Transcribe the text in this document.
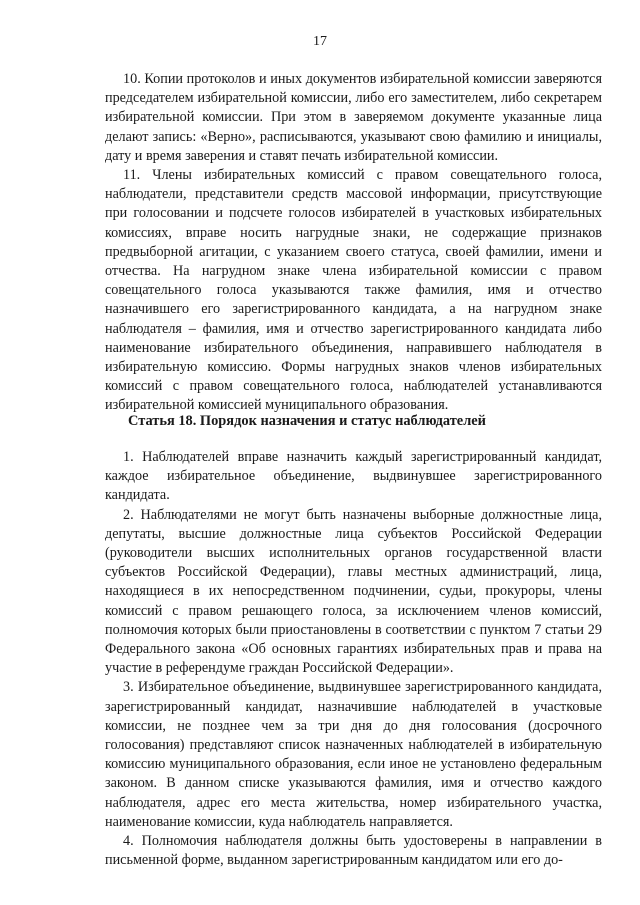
17

10. Копии протоколов и иных документов избирательной комиссии заверяются председателем избирательной комиссии, либо его заместителем, либо секретарем избирательной комиссии. При этом в заверяемом документе указанные лица делают запись: «Верно», расписываются, указывают свою фамилию и инициалы, дату и время заверения и ставят печать избирательной комиссии.

11. Члены избирательных комиссий с правом совещательного голоса, наблюдатели, представители средств массовой информации, присутствующие при голосовании и подсчете голосов избирателей в участковых избирательных комиссиях, вправе носить нагрудные знаки, не содержащие признаков предвыборной агитации, с указанием своего статуса, своей фамилии, имени и отчества. На нагрудном знаке члена избирательной комиссии с правом совещательного голоса указываются также фамилия, имя и отчество назначившего его зарегистрированного кандидата, а на нагрудном знаке наблюдателя – фамилия, имя и отчество зарегистрированного кандидата либо наименование избирательного объединения, направившего наблюдателя в избирательную комиссию. Формы нагрудных знаков членов избирательных комиссий с правом совещательного голоса, наблюдателей устанавливаются избирательной комиссией муниципального образования.

Статья 18. Порядок назначения и статус наблюдателей

1. Наблюдателей вправе назначить каждый зарегистрированный кандидат, каждое избирательное объединение, выдвинувшее зарегистрированного кандидата.

2. Наблюдателями не могут быть назначены выборные должностные лица, депутаты, высшие должностные лица субъектов Российской Федерации (руководители высших исполнительных органов государственной власти субъектов Российской Федерации), главы местных администраций, лица, находящиеся в их непосредственном подчинении, судьи, прокуроры, члены комиссий с правом решающего голоса, за исключением членов комиссий, полномочия которых были приостановлены в соответствии с пунктом 7 статьи 29 Федерального закона «Об основных гарантиях избирательных прав и права на участие в референдуме граждан Российской Федерации».

3. Избирательное объединение, выдвинувшее зарегистрированного кандидата, зарегистрированный кандидат, назначившие наблюдателей в участковые комиссии, не позднее чем за три дня до дня голосования (досрочного голосования) представляют список назначенных наблюдателей в избирательную комиссию муниципального образования, если иное не установлено федеральным законом. В данном списке указываются фамилия, имя и отчество каждого наблюдателя, адрес его места жительства, номер избирательного участка, наименование комиссии, куда наблюдатель направляется.

4. Полномочия наблюдателя должны быть удостоверены в направлении в письменной форме, выданном зарегистрированным кандидатом или его до-
